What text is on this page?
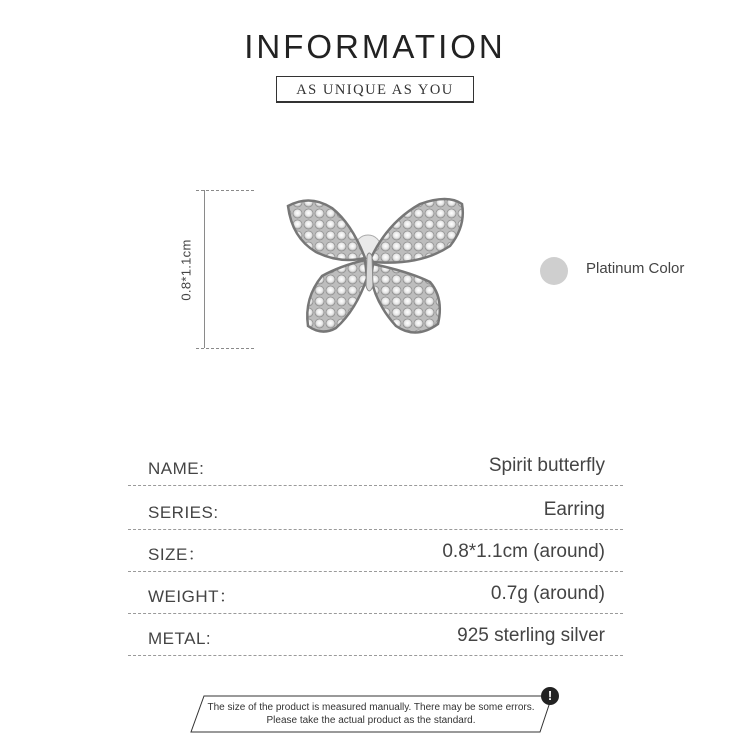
INFORMATION
AS UNIQUE AS YOU
0.8*1.1cm	Platinum Color
NAME:	Spirit butterfly
SERIES:	Earring
SIZE：	0.8*1.1cm (around)
WEIGHT：	0.7g (around)
METAL:	925 sterling silver
The size of the product is measured manually. There may be some errors.
Please take the actual product as the standard.
!
